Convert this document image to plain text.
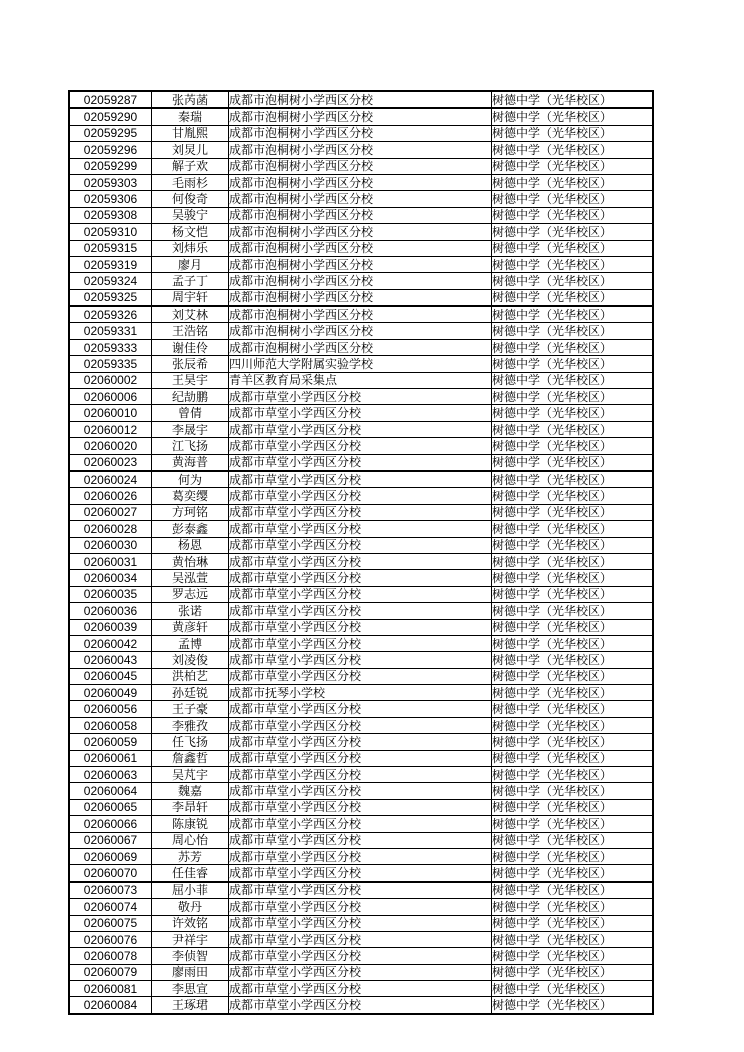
02059287	张芮菡	成都市泡桐树小学西区分校	树德中学（光华校区）
02059290	秦瑞	成都市泡桐树小学西区分校	树德中学（光华校区）
02059295	甘胤熙	成都市泡桐树小学西区分校	树德中学（光华校区）
02059296	刘炅儿	成都市泡桐树小学西区分校	树德中学（光华校区）
02059299	解子欢	成都市泡桐树小学西区分校	树德中学（光华校区）
02059303	毛雨杉	成都市泡桐树小学西区分校	树德中学（光华校区）
02059306	何俊奇	成都市泡桐树小学西区分校	树德中学（光华校区）
02059308	吴骏宁	成都市泡桐树小学西区分校	树德中学（光华校区）
02059310	杨文恺	成都市泡桐树小学西区分校	树德中学（光华校区）
02059315	刘炜乐	成都市泡桐树小学西区分校	树德中学（光华校区）
02059319	廖月	成都市泡桐树小学西区分校	树德中学（光华校区）
02059324	孟子丁	成都市泡桐树小学西区分校	树德中学（光华校区）
02059325	周宇轩	成都市泡桐树小学西区分校	树德中学（光华校区）
02059326	刘艾林	成都市泡桐树小学西区分校	树德中学（光华校区）
02059331	王浩铭	成都市泡桐树小学西区分校	树德中学（光华校区）
02059333	谢佳伶	成都市泡桐树小学西区分校	树德中学（光华校区）
02059335	张辰希	四川师范大学附属实验学校	树德中学（光华校区）
02060002	王昊宇	青羊区教育局采集点	树德中学（光华校区）
02060006	纪劼鹏	成都市草堂小学西区分校	树德中学（光华校区）
02060010	曾倩	成都市草堂小学西区分校	树德中学（光华校区）
02060012	李晟宇	成都市草堂小学西区分校	树德中学（光华校区）
02060020	江飞扬	成都市草堂小学西区分校	树德中学（光华校区）
02060023	黄海普	成都市草堂小学西区分校	树德中学（光华校区）
02060024	何为	成都市草堂小学西区分校	树德中学（光华校区）
02060026	葛奕缨	成都市草堂小学西区分校	树德中学（光华校区）
02060027	方珂铭	成都市草堂小学西区分校	树德中学（光华校区）
02060028	彭泰鑫	成都市草堂小学西区分校	树德中学（光华校区）
02060030	杨恩	成都市草堂小学西区分校	树德中学（光华校区）
02060031	黄怡琳	成都市草堂小学西区分校	树德中学（光华校区）
02060034	吴泓萱	成都市草堂小学西区分校	树德中学（光华校区）
02060035	罗志远	成都市草堂小学西区分校	树德中学（光华校区）
02060036	张诺	成都市草堂小学西区分校	树德中学（光华校区）
02060039	黄彦轩	成都市草堂小学西区分校	树德中学（光华校区）
02060042	孟博	成都市草堂小学西区分校	树德中学（光华校区）
02060043	刘凌俊	成都市草堂小学西区分校	树德中学（光华校区）
02060045	洪柏艺	成都市草堂小学西区分校	树德中学（光华校区）
02060049	孙廷锐	成都市抚琴小学校	树德中学（光华校区）
02060056	王子豪	成都市草堂小学西区分校	树德中学（光华校区）
02060058	李雅孜	成都市草堂小学西区分校	树德中学（光华校区）
02060059	任飞扬	成都市草堂小学西区分校	树德中学（光华校区）
02060061	詹鑫哲	成都市草堂小学西区分校	树德中学（光华校区）
02060063	吴芃宇	成都市草堂小学西区分校	树德中学（光华校区）
02060064	魏嘉	成都市草堂小学西区分校	树德中学（光华校区）
02060065	李昂轩	成都市草堂小学西区分校	树德中学（光华校区）
02060066	陈康锐	成都市草堂小学西区分校	树德中学（光华校区）
02060067	周心怡	成都市草堂小学西区分校	树德中学（光华校区）
02060069	苏芳	成都市草堂小学西区分校	树德中学（光华校区）
02060070	任佳睿	成都市草堂小学西区分校	树德中学（光华校区）
02060073	屈小菲	成都市草堂小学西区分校	树德中学（光华校区）
02060074	敬丹	成都市草堂小学西区分校	树德中学（光华校区）
02060075	许效铭	成都市草堂小学西区分校	树德中学（光华校区）
02060076	尹祥宇	成都市草堂小学西区分校	树德中学（光华校区）
02060078	李侦智	成都市草堂小学西区分校	树德中学（光华校区）
02060079	廖雨田	成都市草堂小学西区分校	树德中学（光华校区）
02060081	李思宣	成都市草堂小学西区分校	树德中学（光华校区）
02060084	王琢珺	成都市草堂小学西区分校	树德中学（光华校区）
